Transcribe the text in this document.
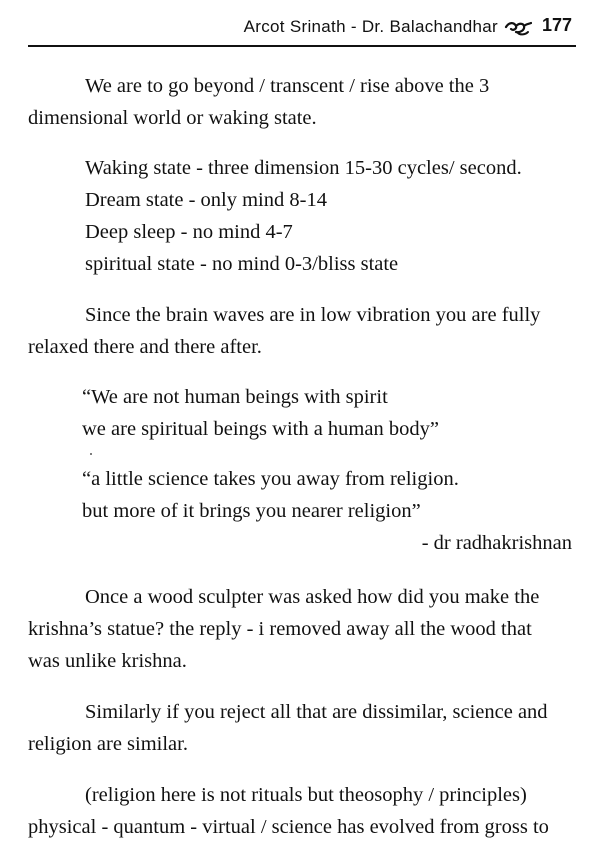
Arcot Srinath - Dr. Balachandhar 177

We are to go beyond / transcent / rise above the 3
dimensional world or waking state.

Waking state - three dimension 15-30 cycles/ second.
Dream state - only mind 8-14
Deep sleep - no mind 4-7
spiritual state - no mind 0-3/bliss state

Since the brain waves are in low vibration you are fully
relaxed there and there after.

“We are not human beings with spirit
we are spiritual beings with a human body”

“a little science takes you away from religion.
but more of it brings you nearer religion”

- dr radhakrishnan

Once a wood sculpter was asked how did you make the
krishna’s statue? the reply - i removed away all the wood that
was unlike krishna.

Similarly if you reject all that are dissimilar, science and
religion are similar.

(religion here is not rituals but theosophy / principles)
physical - quantum - virtual / science has evolved from gross to
